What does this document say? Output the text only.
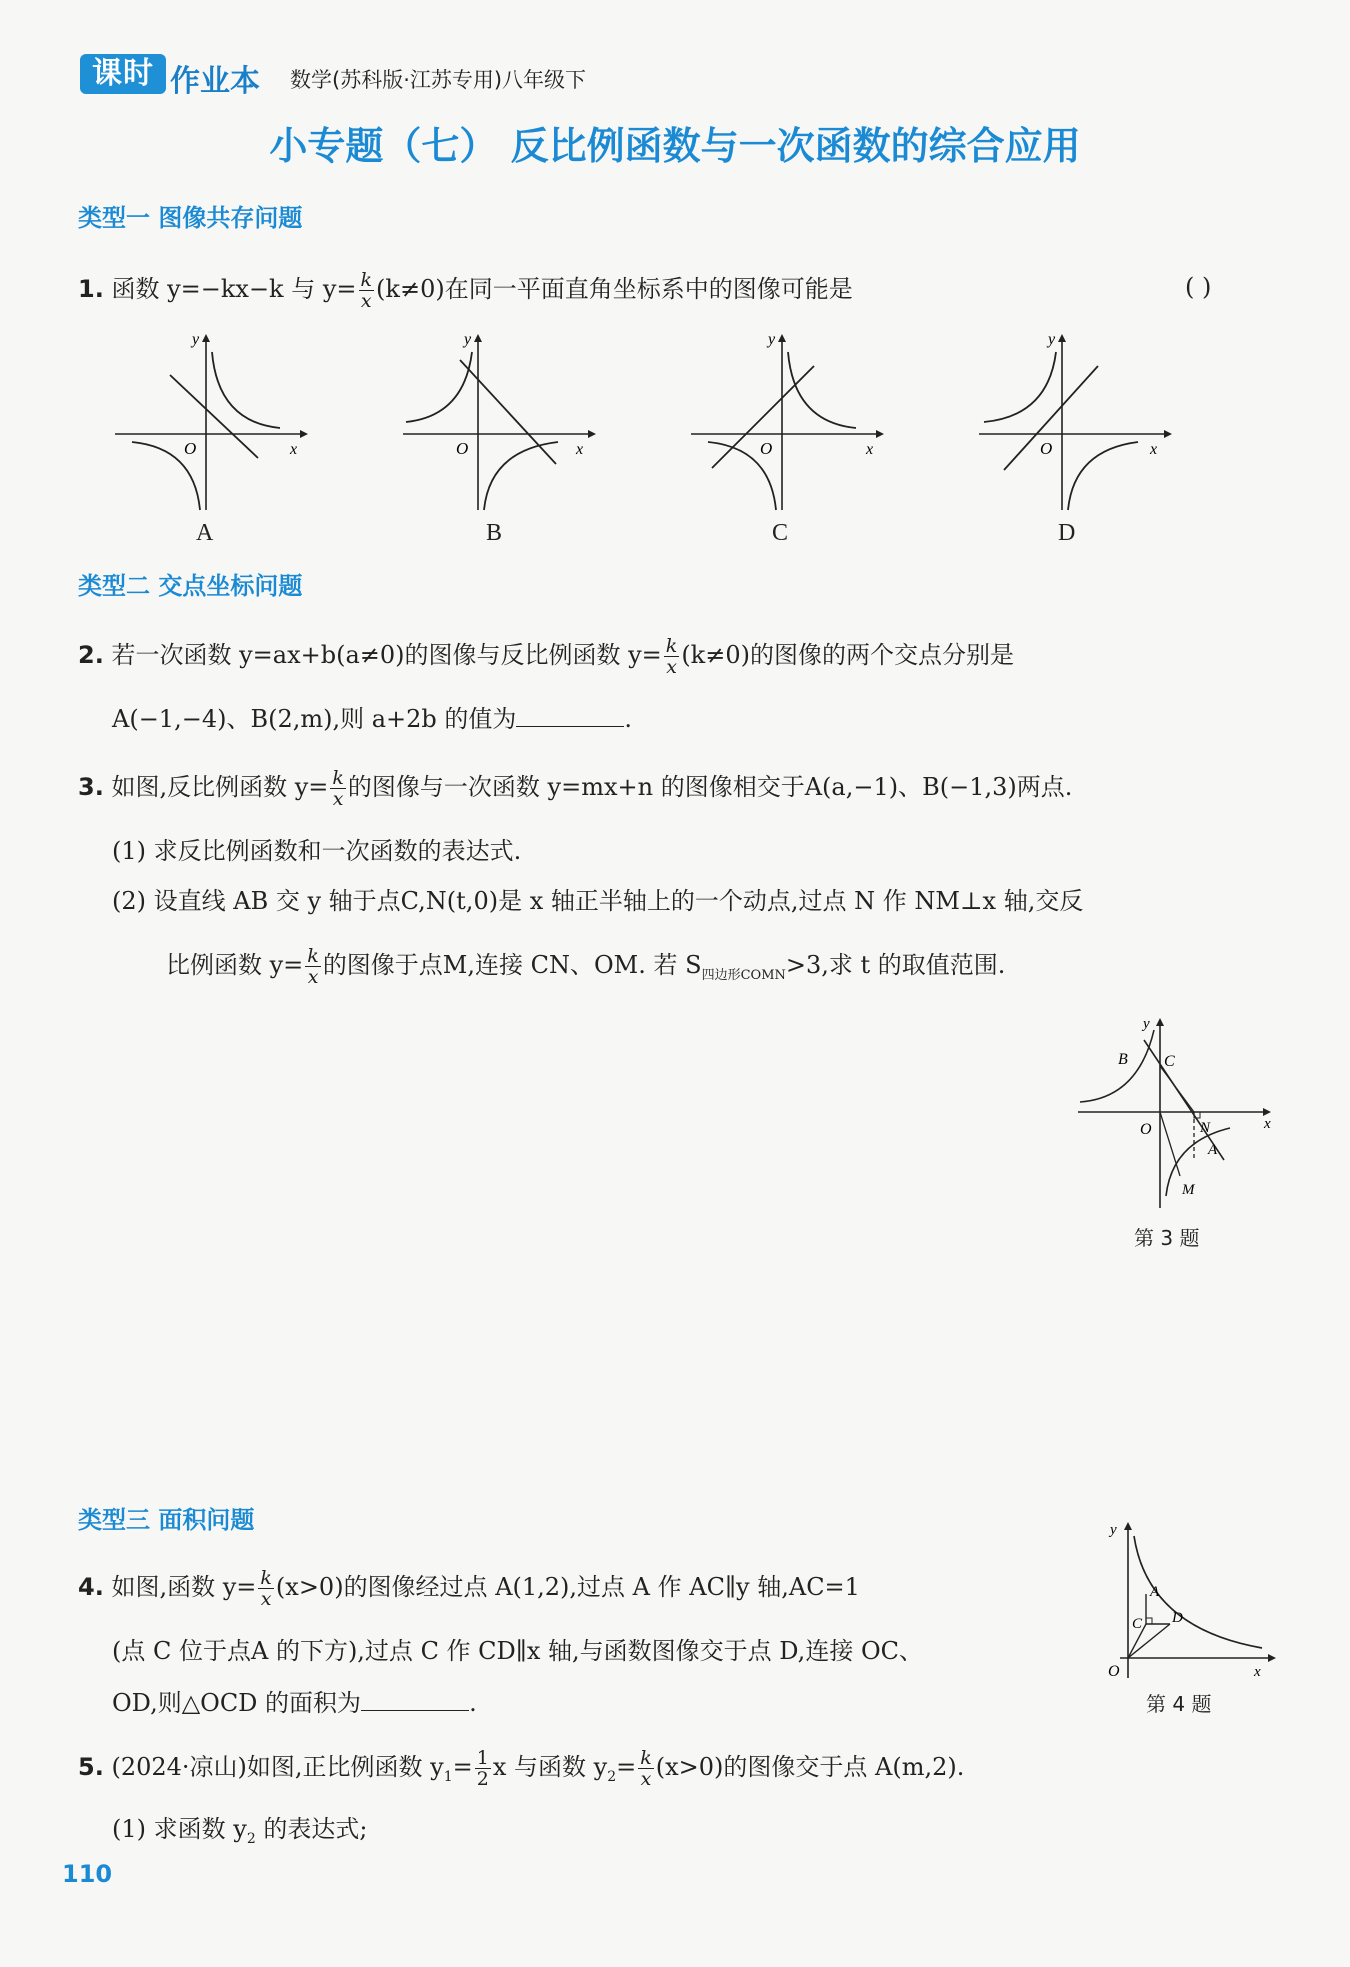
课时 作业本 数学(苏科版·江苏专用)八年级下
小专题（七） 反比例函数与一次函数的综合应用
类型一 图像共存问题
1. 函数 y=−kx−k 与 $y= \frac{k}{x} (k\ne 0)$在同一平面直角坐标系中的图像可能是	( )
y
x
O
y
x
O
y
x
O
y
x
O
A	B	C	D
类型二 交点坐标问题
2. 若一次函数 y=ax+b(a≠0)的图像与反比例函数 $y= \frac{k}{x} (k\ne 0)$的图像的两个交点分别是
A(−1,−4)、B(2,m),则 a+2b 的值为	.
3. 如图,反比例函数 $y= \frac{k}{x}$ 的图像与一次函数 y=mx+n 的图像相交于A(a,−1)、B(−1,3)两点.
(1) 求反比例函数和一次函数的表达式.
(2) 设直线 AB 交 y 轴于点C,N(t,0)是 x 轴正半轴上的一个动点,过点 N 作 NM⊥x 轴,交反
比例函数 $y= \frac{k}{x}$ 的图像于点M,连接 CN、OM. 若 $S_{四边形COMN}>3$,求 t 的取值范围.
y
x
O
B C
N
A
M
第 3 题
类型三 面积问题
4. 如图,函数 $y= \frac{k}{x} (x>0)$的图像经过点 A(1,2),过点 A 作 AC∥y 轴,AC=1
(点 C 位于点A 的下方),过点 C 作 CD∥x 轴,与函数图像交于点 D,连接 OC、
OD,则△OCD 的面积为	.
y
x
O
A
C D
第 4 题
5. (2024·凉山)如图,正比例函数 $y_1= \frac{1}{2}$ x 与函数 $y_2= \frac{k}{x} (x>0)$的图像交于点 A(m,2).
(1) 求函数 $y_2$ 的表达式;
110
